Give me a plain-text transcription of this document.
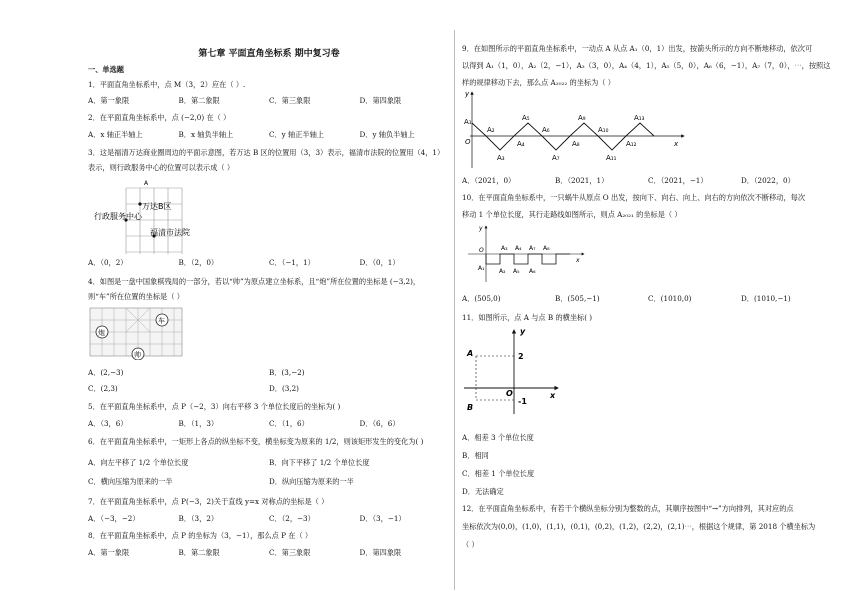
第七章 平面直角坐标系 期中复习卷
一、单选题
1．平面直角坐标系中，点 M（3，2）应在（ ）.
A．第一象限	B．第二象限	C．第三象限	D．第四象限
2．在平面直角坐标系中，点 (−2,0) 在（ ）
A．x 轴正半轴上	B．x 轴负半轴上	C．y 轴正半轴上	D．y 轴负半轴上
3．这是福清万达商业圈周边的平面示意图，若万达 B 区的位置用（3，3）表示，福清市法院的位置用（4，1）
表示，则行政服务中心的位置可以表示成（ ）
A
万达B区
行政服务中心
福清市法院
A．（0，2）	B．（2，0）	C．（−1，1）	D．（0，1）
4．如图是一盘中国象棋残局的一部分，若以“帅”为原点建立坐标系，且“炮”所在位置的坐标是 (−3,2)，
则“车”所在位置的坐标是（ ）
炮
车
帅
A．(2,−3)	B．(3,−2)
C．(2,3)	D．(3,2)
5．在平面直角坐标系中，点 P（−2，3）向右平移 3 个单位长度后的坐标为( )
A．（3，6）	B．（1，3）	C．（1，6）	D．（6，6）
6．在平面直角坐标系中，一矩形上各点的纵坐标不变，横坐标变为原来的 1/2，则该矩形发生的变化为( )
A．向左平移了 1/2 个单位长度	B．向下平移了 1/2 个单位长度
C．横向压缩为原来的一半	D．纵向压缩为原来的一半
7．在平面直角坐标系中，点 P(−3，2)关于直线 y=x 对称点的坐标是（ ）
A．（−3，−2）	B．（3，2）	C．（2，−3）	D．（3，−1）
8．在平面直角坐标系中，点 P 的坐标为（3，−1），那么点 P 在（ ）
A．第一象限	B．第二象限	C．第三象限	D．第四象限
9．在如图所示的平面直角坐标系中，一动点 A 从点 A₁（0，1）出发，按箭头所示的方向不断地移动，依次可
以得到 A₁（1，0），A₂（2，−1），A₃（3，0），A₄（4，1），A₅（5，0），A₆（6，−1），A₇（7，0），⋯，按照这
样的规律移动下去，那么点 A₂₀₂₂ 的坐标为（ ）
x
y
O
A₁
A₂
A₃
A₄
A₅
A₆
A₇
A₈
A₉
A₁₀
A₁₁
A₁₂
A₁₃
A．（2021，0）	B．（2021，1）	C．（2021，−1）	D．（2022，0）
10．在平面直角坐标系中，一只蜗牛从原点 O 出发，按向下、向右、向上、向右的方向依次不断移动，每次
移动 1 个单位长度，其行走路线如图所示，则点 A₂₀₂₁ 的坐标是（ ）
x
y
O
A₁ A₂
A₃ A₄
A₅ A₆
A₇ A₈
A．(505,0)	B．(505,−1)	C．(1010,0)	D．(1010,−1)
11．如图所示，点 A 与点 B 的横坐标( )
y
x
O
A
B
2
-1
A．相差 3 个单位长度
B．相同
C．相差 1 个单位长度
D．无法确定
12．在平面直角坐标系中，有若干个横纵坐标分别为整数的点，其顺序按图中“→”方向排列，其对应的点
坐标依次为(0,0)，(1,0)，(1,1)，(0,1)，(0,2)，(1,2)，(2,2)，(2,1)⋯，根据这个规律，第 2018 个横坐标为
（ ）
